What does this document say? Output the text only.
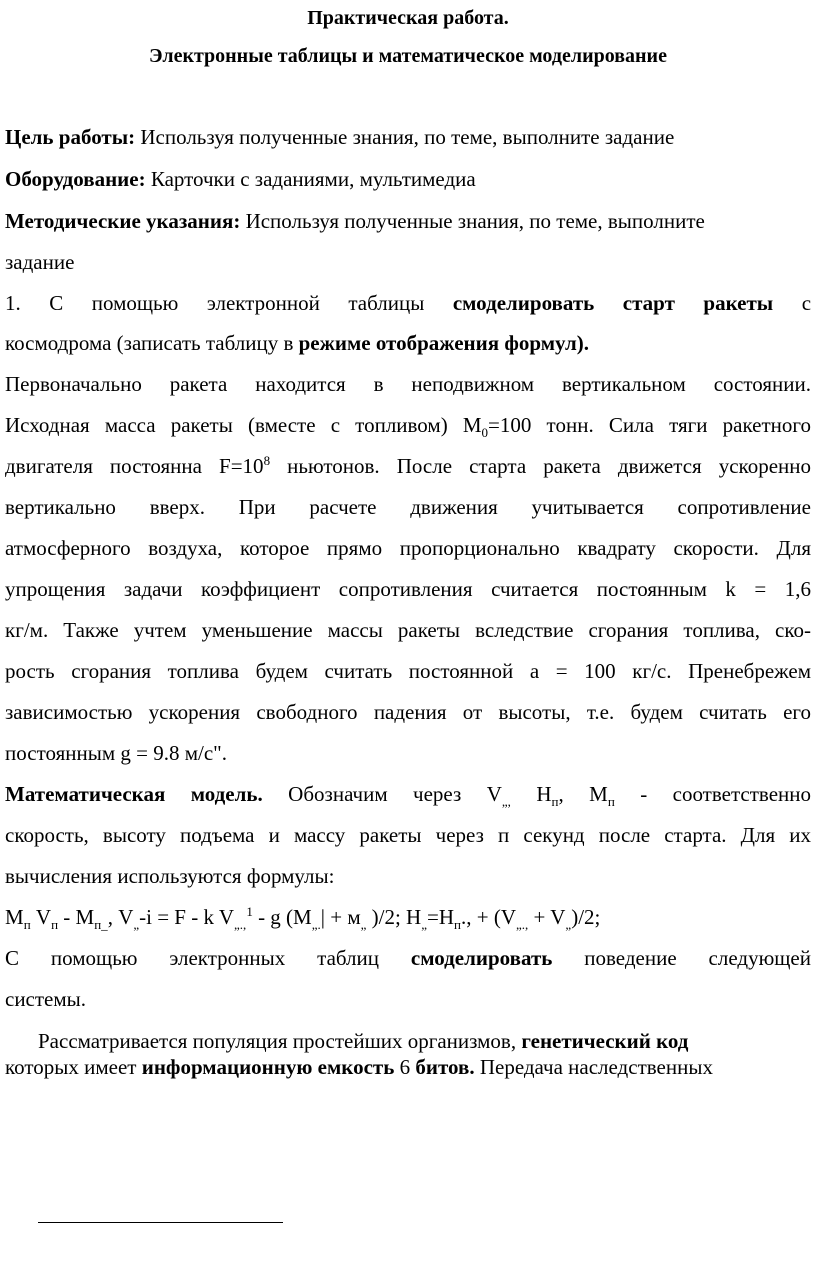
Практическая работа.
Электронные таблицы и математическое моделирование
Цель работы: Используя полученные знания, по теме, выполните задание
Оборудование: Карточки с заданиями, мультимедиа
Методические указания: Используя полученные знания, по теме, выполните
задание
1. С помощью электронной таблицы смоделировать старт ракеты с
космодрома (записать таблицу в режиме отображения формул).
Первоначально ракета находится в неподвижном вертикальном состоянии.
Исходная масса ракеты (вместе с топливом) $М_0=100$ тонн. Сила тяги ракетного
двигателя постоянна $F=10^8$ ньютонов. После старта ракета движется ускоренно
вертикально вверх. При расчете движения учитывается сопротивление
атмосферного воздуха, которое прямо пропорционально квадрату скорости. Для
упрощения задачи коэффициент сопротивления считается постоянным k = 1,6
кг/м. Также учтем уменьшение массы ракеты вследствие сгорания топлива, ско-
рость сгорания топлива будем считать постоянной а = 100 кг/с. Пренебрежем
зависимостью ускорения свободного падения от высоты, т.е. будем считать его
постоянным g = 9.8 м/с".
Математическая модель. Обозначим через $V_{„,}$ $Н_п$, $М_п$ - соответственно
скорость, высоту подъема и массу ракеты через п секунд после старта. Для их
вычисления используются формулы:
$М_п$ $V_п - М_{п\_}$, $V_„-i = F - k$ $V_{„.,}^1$ - g ($М_{„.}| + м_„$ )/2; $Н_„=Н_п$., + $(V_{„.,} + V_„)/2$;
С помощью электронных таблиц смоделировать поведение следующей
системы.
Рассматривается популяция простейших организмов, генетический код
которых имеет информационную емкость 6 битов. Передача наследственных
